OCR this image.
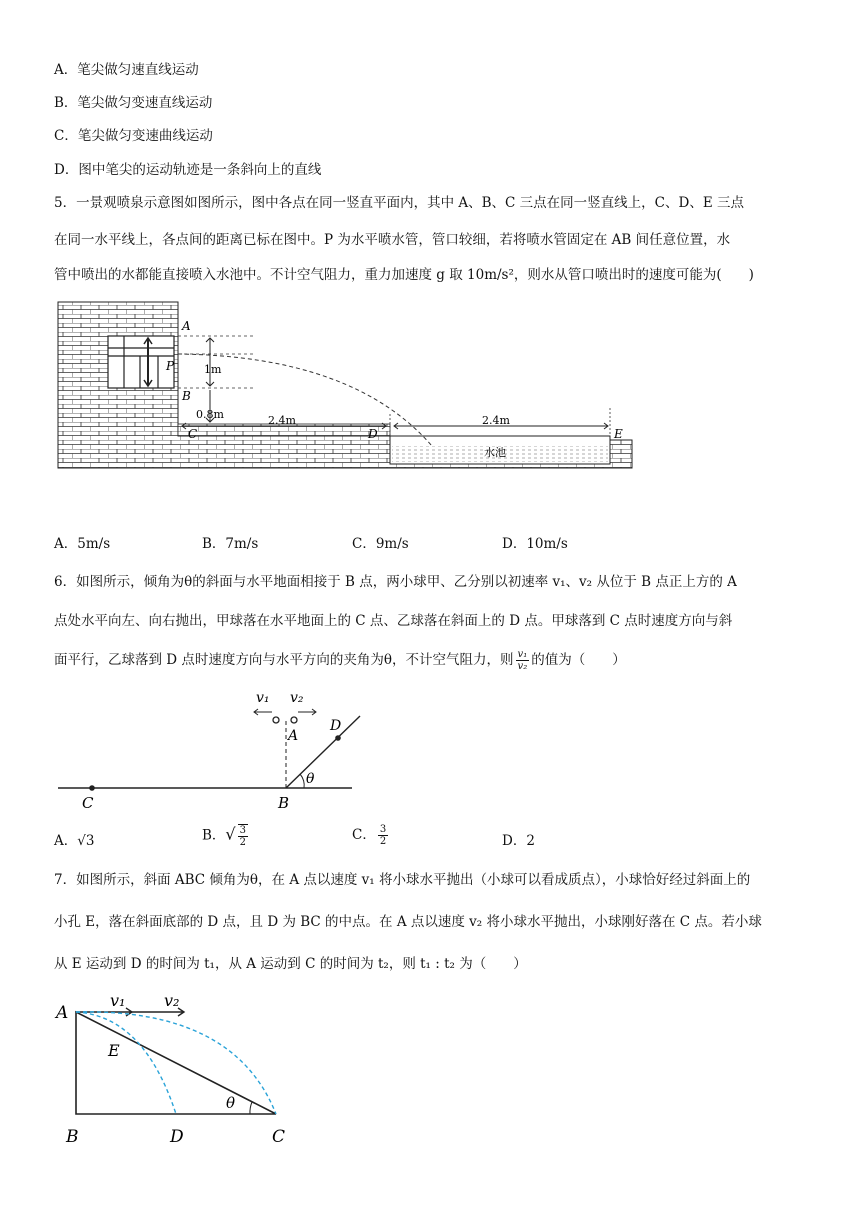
A．笔尖做匀速直线运动
B．笔尖做匀变速直线运动
C．笔尖做匀变速曲线运动
D．图中笔尖的运动轨迹是一条斜向上的直线
5．一景观喷泉示意图如图所示，图中各点在同一竖直平面内，其中 A、B、C 三点在同一竖直线上，C、D、E 三点
在同一水平线上，各点间的距离已标在图中。P 为水平喷水管，管口较细，若将喷水管固定在 AB 间任意位置，水
管中喷出的水都能直接喷入水池中。不计空气阻力，重力加速度 g 取 10m/s²，则水从管口喷出时的速度可能为(　　)
A
P
B
C	D	E
1m
0.8m	2.4m	2.4m
水池
A．5m/s	B．7m/s	C．9m/s	D．10m/s
6．如图所示，倾角为θ的斜面与水平地面相接于 B 点，两小球甲、乙分别以初速率 v₁、v₂ 从位于 B 点正上方的 A
点处水平向左、向右抛出，甲球落在水平地面上的 C 点、乙球落在斜面上的 D 点。甲球落到 C 点时速度方向与斜
面平行，乙球落到 D 点时速度方向与水平方向的夹角为θ，不计空气阻力，则 $\frac{\text{v₁}}{\text{v₂}}$ 的值为（　　）
v₁ v₂
A
D
B
C
θ
A．√3	B．√ $\frac{3}{2}$	C． $\frac{3}{2}$	D．2
7．如图所示，斜面 ABC 倾角为θ，在 A 点以速度 v₁ 将小球水平抛出（小球可以看成质点），小球恰好经过斜面上的
小孔 E，落在斜面底部的 D 点，且 D 为 BC 的中点。在 A 点以速度 v₂ 将小球水平抛出，小球刚好落在 C 点。若小球
从 E 运动到 D 的时间为 t₁，从 A 运动到 C 的时间为 t₂，则 t₁ : t₂ 为（　　）
A
v₁ v₂
E
θ
B	D	C
